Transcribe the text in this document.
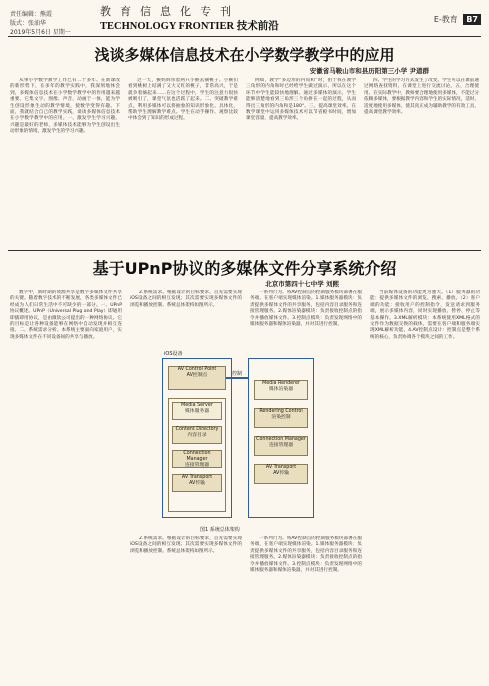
责任编辑：熊霞
版式：张油华
2019年5月6日 星期一
教育信息化专刊
TECHNOLOGY FRONTIER 技术前沿
E-教育 B7
浅谈多媒体信息技术在小学数学教学中的应用
安徽省马鞍山市和县历阳第三小学 尹道群

从事小学数学教学工作已有二十多年。在新课改的新形势下，在多年的教学实践中，我深刻地体会到，多媒体信息技术在小学数学教学中的作用越来越重要。它集文字、图像、声音、动画于一体，能为学生创设形象生动的教学情境，使数学变得有趣。下面，我就结合自己的教学实践，谈谈多媒体信息技术在小学数学教学中的应用。一、激发学生学习兴趣。兴趣是最好的老师，多媒体技术能够为学生创设出生动形象的情境，激发学生的学习兴趣。

过一天，猴妈妈带着两只小猴去摘桃子。小猴们看到桃树上结满了又大又红的桃子，非常高兴，于是就争着摘起来……在这个过程中，学生的注意力很快被吸引了，课堂气氛也活跃了起来。二、突破教学难点。利用多媒体可以将抽象的知识形象化、具体化，帮助学生理解教学难点。学生在动手操作、观察比较中体会到了知识的形成过程。

例如，教学“多边形的内角和”时，由于我在教学三角形的内角和时已经给学生做过演示，所以在这个环节中学生能较快地理解。通过多媒体的演示，学生能够清楚地看到三角形三个角拼在一起的过程，从而得出三角形的内角和是180°。三、提高课堂效率。在数学课堂中运用多媒体技术可以节省板书时间，增加课堂容量，提高教学效率。

四、学生的学习方式发生了改变。学生可以在课前通过网络查找资料，在课堂上进行交流讨论。五、合理使用。在实际教学中，教师要合理地使用多媒体，不能过分依赖多媒体，要根据教学内容和学生的实际情况，适时、适度地使用多媒体，使其真正成为辅助教学的有效工具，提高课堂教学效率。

基于UPnP协议的多媒体文件分享系统介绍
北京市第四十七中学 刘熙

数字中，新时期的资源共享是数字多媒体文件共享的关键。随着数字技术的不断发展，各类多媒体文件已经成为人们日常生活中不可缺少的一部分。一、UPnP协议概述。UPnP（Universal Plug and Play）即通用即插即用协议，是由微软公司提出的一种网络协议。它的目标是让各种设备能够在网络中自动发现并相互连接。二、系统需求分析。本系统主要面向家庭用户，实现多媒体文件在不同设备间的共享与播放。

2.系统需求。根据设计的目标要求，首先需要实现iOS设备之间的相互发现；其次需要实现多媒体文件的浏览和播放控制。系统总体架构如图所示。

一系列行为。将AV控制点的控制服务模块部署在服务端，在客户端实现媒体渲染。1.媒体服务器模块：负责提供多媒体文件的共享服务，包括内容目录服务和连接管理服务。2.媒体渲染器模块：负责接收控制点的指令并播放媒体文件。3.控制点模块：负责发现网络中的媒体服务器和媒体渲染器，并对其进行控制。

当前媒体设备的功能更为强大。（1）服务器的功能：提供多媒体文件的浏览、搜索、播放。（2）客户端的功能：接收用户的控制指令，发送请求到服务端，展示多媒体内容，同时实现播放、暂停、停止等基本操作。3.XML解析模块：本系统使用XML格式的文件作为数据交换的载体，需要在客户端和服务端实现XML解析功能。4.AV控制点设计：控制点是整个系统的核心，负责协调各个模块之间的工作。

iOS设备
AV Control Point
AV控制点
Media Server
媒体服务器
Content Directory
内容目录
Connection Manager
连接管理器
AV Transport
AV传输
控制
Media Renderer
媒体渲染器
Rendering Control
渲染控制
Connection Manager
连接管理器
AV Transport
AV传输
图1 系统总体架构

2.系统需求。根据设计的目标要求，首先需要实现iOS设备之间的相互发现；其次需要实现多媒体文件的浏览和播放控制。系统总体架构如图所示。

一系列行为。将AV控制点的控制服务模块部署在服务端，在客户端实现媒体渲染。1.媒体服务器模块：负责提供多媒体文件的共享服务，包括内容目录服务和连接管理服务。2.媒体渲染器模块：负责接收控制点的指令并播放媒体文件。3.控制点模块：负责发现网络中的媒体服务器和媒体渲染器，并对其进行控制。
